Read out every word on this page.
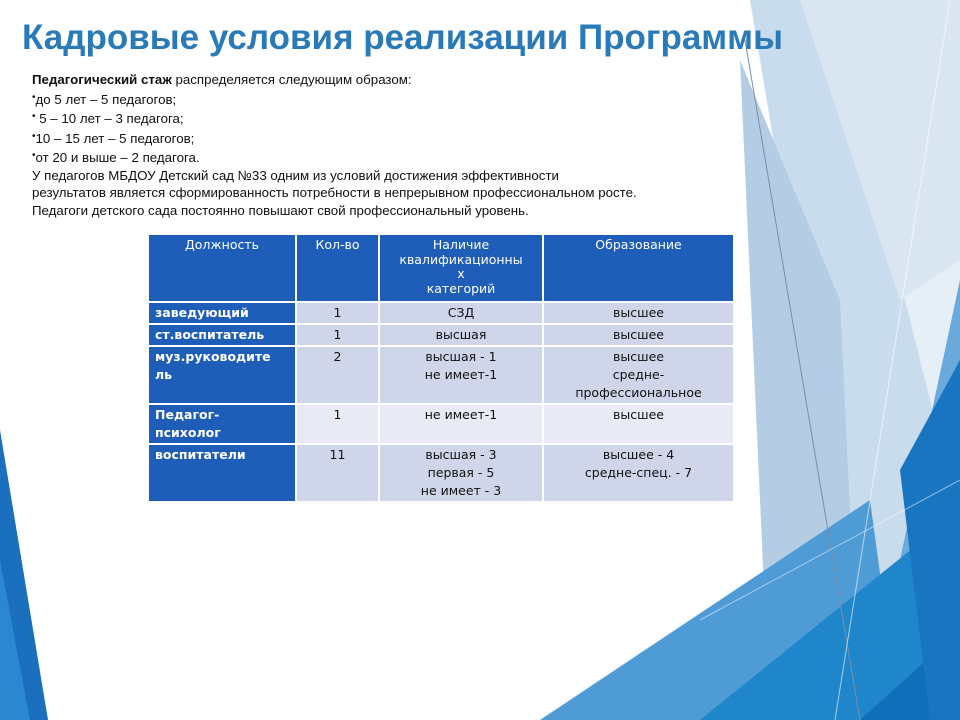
Кадровые условия реализации Программы

Педагогический стаж распределяется следующим образом:

•до 5 лет – 5 педагогов;

• 5 – 10 лет – 3 педагога;

•10 – 15 лет – 5 педагогов;

•от 20 и выше – 2 педагога.

У педагогов МБДОУ Детский сад №33 одним из условий достижения эффективности

результатов является сформированность потребности в непрерывном профессиональном росте.

Педагоги детского сада постоянно повышают свой профессиональный уровень.

Должность	Кол-во	Наличие
квалификационны
х
категорий	Образование

заведующий	1	СЗД	высшее

ст.воспитатель	1	высшая	высшее

муз.руководите
ль	2	высшая - 1
не имеет-1	высшее
средне-
профессиональное

Педагог-
психолог	1	не имеет-1	высшее

воспитатели	11	высшая - 3
первая - 5
не имеет - 3	высшее - 4
средне-спец. - 7
